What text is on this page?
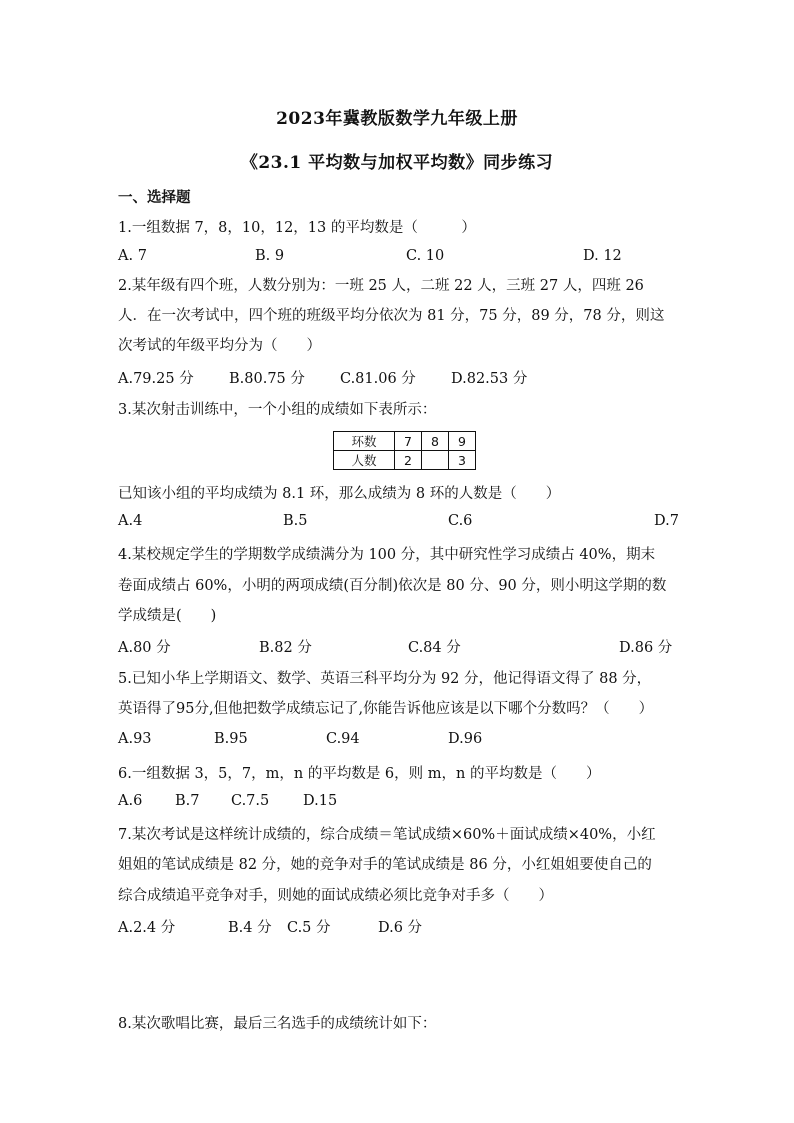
2023年冀教版数学九年级上册
《23.1 平均数与加权平均数》同步练习
一、选择题
1.一组数据 7，8，10，12，13 的平均数是（　　　）
A. 7	B. 9	C. 10	D. 12
2.某年级有四个班，人数分别为：一班 25 人，二班 22 人，三班 27 人，四班 26
人．在一次考试中，四个班的班级平均分依次为 81 分，75 分，89 分，78 分，则这
次考试的年级平均分为（　　）
A.79.25 分 B.80.75 分 C.81.06 分 D.82.53 分
3.某次射击训练中，一个小组的成绩如下表所示：
环数	7	8	9
人数	2		3
已知该小组的平均成绩为 8.1 环，那么成绩为 8 环的人数是（　　）
A.4	B.5	C.6	D.7
4.某校规定学生的学期数学成绩满分为 100 分，其中研究性学习成绩占 40%，期末
卷面成绩占 60%，小明的两项成绩(百分制)依次是 80 分、90 分，则小明这学期的数
学成绩是(　　)
A.80 分	B.82 分	C.84 分	D.86 分
5.已知小华上学期语文、数学、英语三科平均分为 92 分，他记得语文得了 88 分，
英语得了95分,但他把数学成绩忘记了,你能告诉他应该是以下哪个分数吗？（　　）
A.93	B.95	C.94	D.96
6.一组数据 3，5，7，m，n 的平均数是 6，则 m，n 的平均数是（　　）
A.6 B.7 C.7.5 D.15
7.某次考试是这样统计成绩的，综合成绩＝笔试成绩×60%＋面试成绩×40%，小红
姐姐的笔试成绩是 82 分，她的竞争对手的笔试成绩是 86 分，小红姐姐要使自己的
综合成绩追平竞争对手，则她的面试成绩必须比竞争对手多（　　）
A.2.4 分	B.4 分 C.5 分	D.6 分
8.某次歌唱比赛，最后三名选手的成绩统计如下：
